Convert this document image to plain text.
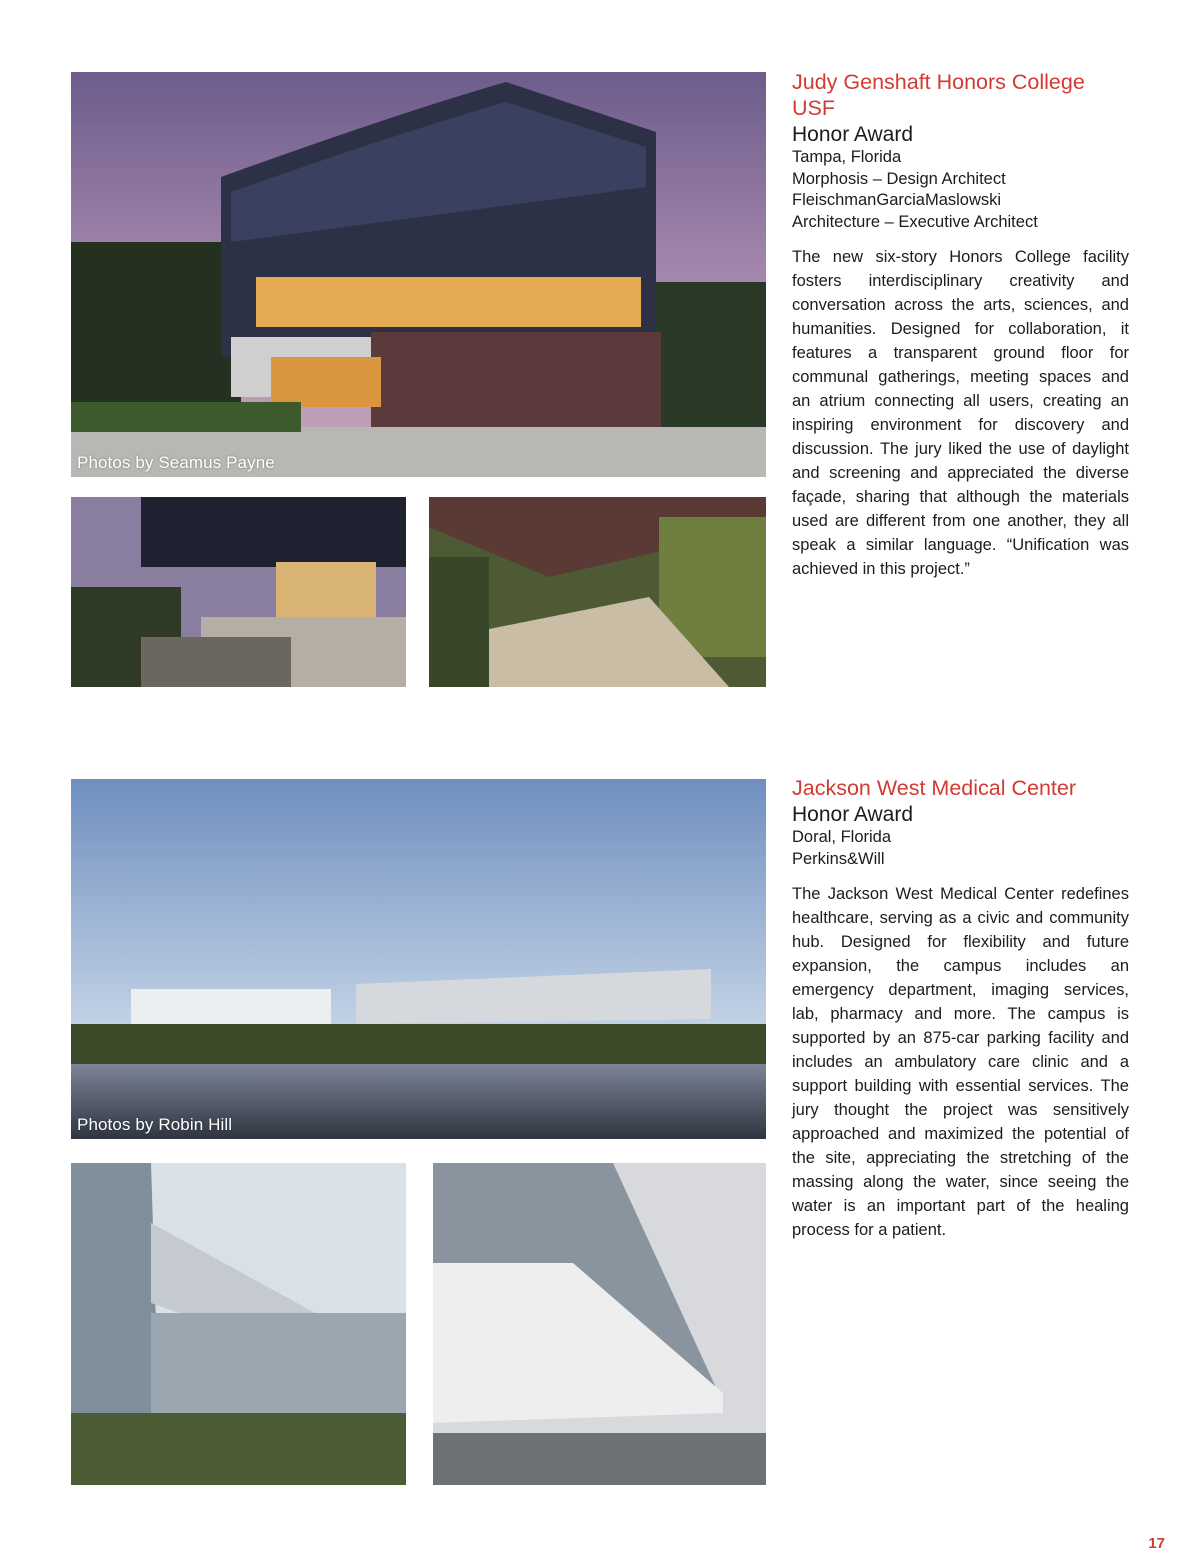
Photos by Seamus Payne
Judy Genshaft Honors College USF
Honor Award
Tampa, Florida
Morphosis – Design Architect
FleischmanGarciaMaslowski
Architecture – Executive Architect
The new six-story Honors College facility fosters interdisciplinary creativity and conversation across the arts, sciences, and humanities. Designed for collaboration, it features a transparent ground floor for communal gatherings, meeting spaces and an atrium connecting all users, creating an inspiring environment for discovery and discussion. The jury liked the use of daylight and screening and appreciated the diverse façade, sharing that although the materials used are different from one another, they all speak a similar language. “Unification was achieved in this project.”
Photos by Robin Hill
Jackson West Medical Center
Honor Award
Doral, Florida
Perkins&Will
The Jackson West Medical Center redefines healthcare, serving as a civic and community hub. Designed for flexibility and future expansion, the campus includes an emergency department, imaging services, lab, pharmacy and more. The campus is supported by an 875-car parking facility and includes an ambulatory care clinic and a support building with essential services. The jury thought the project was sensitively approached and maximized the potential of the site, appreciating the stretching of the massing along the water, since seeing the water is an important part of the healing process for a patient.
17
